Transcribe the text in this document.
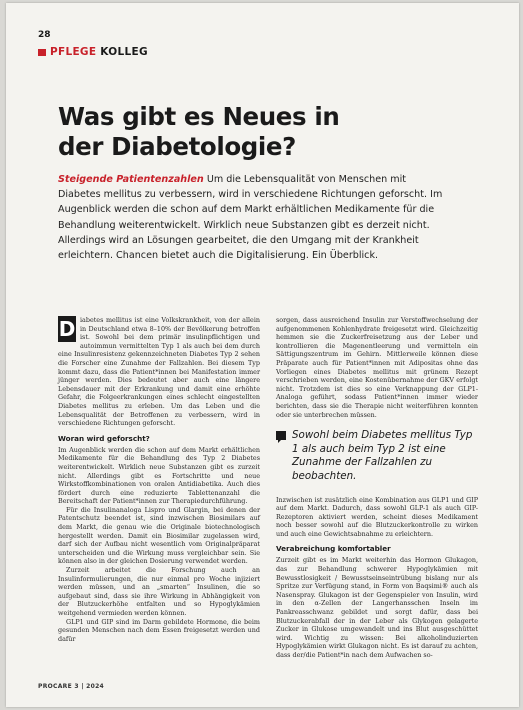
28
PFLEGE KOLLEG
Was gibt es Neues in
der Diabetologie?
Steigende Patientenzahlen Um die Lebensqualität von Menschen mit Diabetes mellitus zu verbessern, wird in verschiedene Richtungen geforscht. Im Augenblick werden die schon auf dem Markt erhältlichen Medikamente für die Behandlung weiterentwickelt. Wirklich neue Substanzen gibt es derzeit nicht. Allerdings wird an Lösungen gearbeitet, die den Umgang mit der Krankheit erleichtern. Chancen bietet auch die Digitalisierung. Ein Überblick.

D iabetes mellitus ist eine Volkskrankheit, von der allein in Deutschland etwa 8–10% der Bevölkerung betroffen ist. Sowohl bei dem primär insulinpflichtigen und autoimmun vermittelten Typ 1 als auch bei dem durch eine Insulinresistenz gekennzeichneten Diabetes Typ 2 sehen die Forscher eine Zunahme der Fallzahlen. Bei diesem Typ kommt dazu, dass die Patient*innen bei Manifestation immer jünger werden. Dies bedeutet aber auch eine längere Lebensdauer mit der Erkrankung und damit eine erhöhte Gefahr, die Folgeerkrankungen eines schlecht eingestellten Diabetes mellitus zu erleben. Um das Leben und die Lebensqualität der Betroffenen zu verbessern, wird in verschiedene Richtungen geforscht.

Woran wird geforscht?

Im Augenblick werden die schon auf dem Markt erhältlichen Medikamente für die Behandlung des Typ 2 Diabetes weiterentwickelt. Wirklich neue Substanzen gibt es zurzeit nicht. Allerdings gibt es Fortschritte und neue Wirkstoffkombinationen von oralen Antidiabetika. Auch dies fördert durch eine reduzierte Tablettenanzahl die Bereitschaft der Patient*innen zur Therapiedurchführung.

Für die Insulinanaloga Lispro und Glargin, bei denen der Patentschutz beendet ist, sind inzwischen Biosimilars auf dem Markt, die genau wie die Originale biotechnologisch hergestellt werden. Damit ein Biosimilar zugelassen wird, darf sich der Aufbau nicht wesentlich vom Originalpräparat unterscheiden und die Wirkung muss vergleichbar sein. Sie können also in der gleichen Dosierung verwendet werden.

Zurzeit arbeitet die Forschung auch an Insulinformulierungen, die nur einmal pro Woche injiziert werden müssen, und an „smarten“ Insulinen, die so aufgebaut sind, dass sie ihre Wirkung in Abhängigkeit von der Blutzuckerhöhe entfalten und so Hypoglykämien weitgehend vermieden werden können.

GLP1 und GIP sind im Darm gebildete Hormone, die beim gesunden Menschen nach dem Essen freigesetzt werden und dafür

sorgen, dass ausreichend Insulin zur Verstoffwechselung der aufgenommenen Kohlenhydrate freigesetzt wird. Gleichzeitig hemmen sie die Zuckerfreisetzung aus der Leber und kontrollieren die Magenentleerung und vermitteln ein Sättigungszentrum im Gehirn. Mittlerweile können diese Präparate auch für Patient*innen mit Adipositas ohne das Vorliegen eines Diabetes mellitus mit grünem Rezept verschrieben werden, eine Kostenübernahme der GKV erfolgt nicht. Trotzdem ist dies so eine Verknappung der GLP1-Analoga geführt, sodass Patient*innen immer wieder berichten, dass sie die Therapie nicht weiterführen konnten oder sie unterbrechen müssen.

Sowohl beim Diabetes mellitus Typ 1 als auch beim Typ 2 ist eine Zunahme der Fallzahlen zu beobachten.

Inzwischen ist zusätzlich eine Kombination aus GLP1 und GIP auf dem Markt. Dadurch, dass sowohl GLP-1 als auch GIP-Rezeptoren aktiviert werden, scheint dieses Medikament noch besser sowohl auf die Blutzuckerkontrolle zu wirken und auch eine Gewichtsabnahme zu erleichtern.

Verabreichung komfortabler

Zurzeit gibt es im Markt weiterhin das Hormon Glukagon, das zur Behandlung schwerer Hypoglykämien mit Bewusstlosigkeit / Bewusstseinseintrübung bislang nur als Spritze zur Verfügung stand, in Form von Baqsimi® auch als Nasenspray. Glukagon ist der Gegenspieler von Insulin, wird in den α-Zellen der Langerhansschen Inseln im Pankreasschwanz gebildet und sorgt dafür, dass bei Blutzuckerabfall der in der Leber als Glykogen gelagerte Zucker in Glukose umgewandelt und ins Blut ausgeschüttet wird. Wichtig zu wissen: Bei alkoholinduzierten Hypoglykämien wirkt Glukagon nicht. Es ist darauf zu achten, dass der/die Patient*in nach dem Aufwachen so-

PROCARE 3 | 2024
